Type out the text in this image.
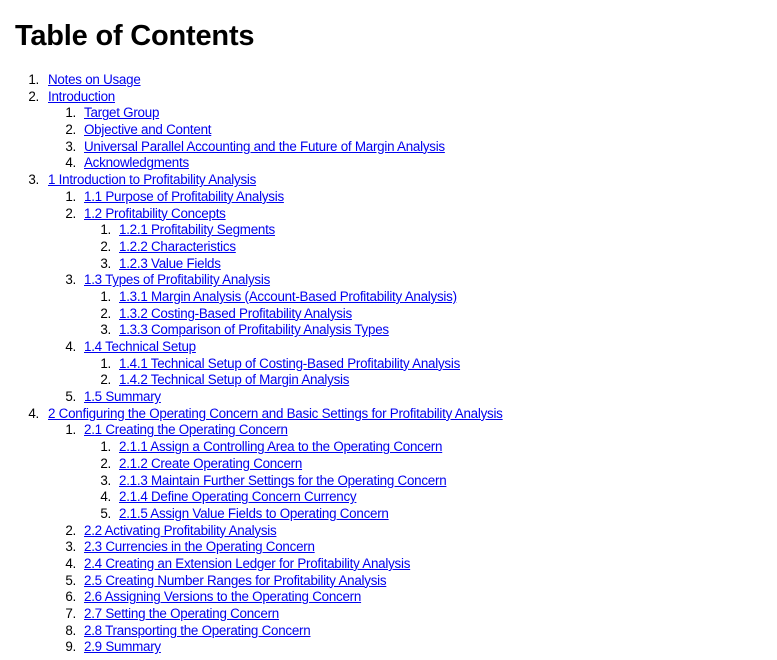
Table of Contents
1. Notes on Usage
2. Introduction
1. Target Group
2. Objective and Content
3. Universal Parallel Accounting and the Future of Margin Analysis
4. Acknowledgments
3. 1 Introduction to Profitability Analysis
1. 1.1 Purpose of Profitability Analysis
2. 1.2 Profitability Concepts
1. 1.2.1 Profitability Segments
2. 1.2.2 Characteristics
3. 1.2.3 Value Fields
3. 1.3 Types of Profitability Analysis
1. 1.3.1 Margin Analysis (Account-Based Profitability Analysis)
2. 1.3.2 Costing-Based Profitability Analysis
3. 1.3.3 Comparison of Profitability Analysis Types
4. 1.4 Technical Setup
1. 1.4.1 Technical Setup of Costing-Based Profitability Analysis
2. 1.4.2 Technical Setup of Margin Analysis
5. 1.5 Summary
4. 2 Configuring the Operating Concern and Basic Settings for Profitability Analysis
1. 2.1 Creating the Operating Concern
1. 2.1.1 Assign a Controlling Area to the Operating Concern
2. 2.1.2 Create Operating Concern
3. 2.1.3 Maintain Further Settings for the Operating Concern
4. 2.1.4 Define Operating Concern Currency
5. 2.1.5 Assign Value Fields to Operating Concern
2. 2.2 Activating Profitability Analysis
3. 2.3 Currencies in the Operating Concern
4. 2.4 Creating an Extension Ledger for Profitability Analysis
5. 2.5 Creating Number Ranges for Profitability Analysis
6. 2.6 Assigning Versions to the Operating Concern
7. 2.7 Setting the Operating Concern
8. 2.8 Transporting the Operating Concern
9. 2.9 Summary
